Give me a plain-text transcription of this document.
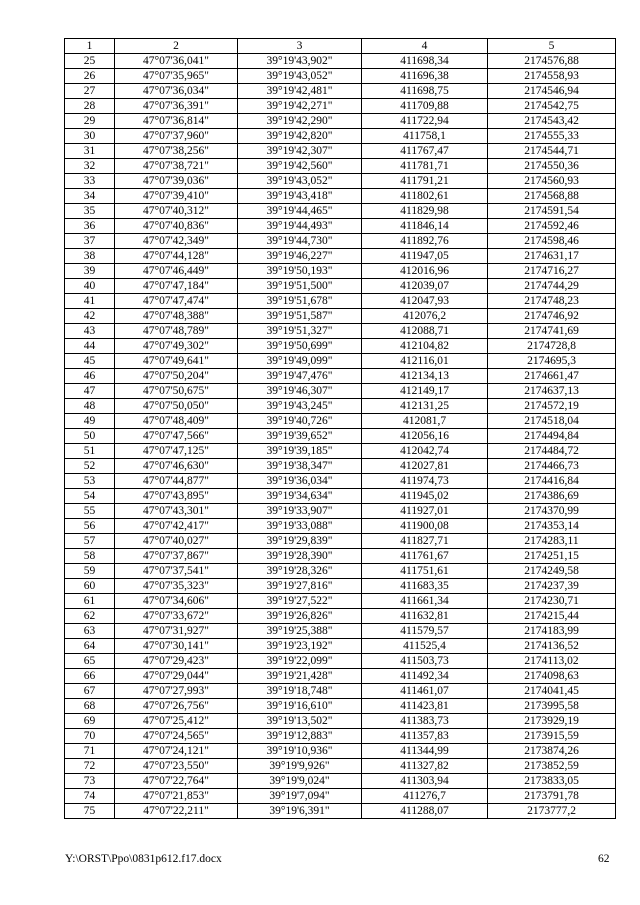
1	2	3	4	5
25	47°07'36,041"	39°19'43,902"	411698,34	2174576,88
26	47°07'35,965"	39°19'43,052"	411696,38	2174558,93
27	47°07'36,034"	39°19'42,481"	411698,75	2174546,94
28	47°07'36,391"	39°19'42,271"	411709,88	2174542,75
29	47°07'36,814"	39°19'42,290"	411722,94	2174543,42
30	47°07'37,960"	39°19'42,820"	411758,1	2174555,33
31	47°07'38,256"	39°19'42,307"	411767,47	2174544,71
32	47°07'38,721"	39°19'42,560"	411781,71	2174550,36
33	47°07'39,036"	39°19'43,052"	411791,21	2174560,93
34	47°07'39,410"	39°19'43,418"	411802,61	2174568,88
35	47°07'40,312"	39°19'44,465"	411829,98	2174591,54
36	47°07'40,836"	39°19'44,493"	411846,14	2174592,46
37	47°07'42,349"	39°19'44,730"	411892,76	2174598,46
38	47°07'44,128"	39°19'46,227"	411947,05	2174631,17
39	47°07'46,449"	39°19'50,193"	412016,96	2174716,27
40	47°07'47,184"	39°19'51,500"	412039,07	2174744,29
41	47°07'47,474"	39°19'51,678"	412047,93	2174748,23
42	47°07'48,388"	39°19'51,587"	412076,2	2174746,92
43	47°07'48,789"	39°19'51,327"	412088,71	2174741,69
44	47°07'49,302"	39°19'50,699"	412104,82	2174728,8
45	47°07'49,641"	39°19'49,099"	412116,01	2174695,3
46	47°07'50,204"	39°19'47,476"	412134,13	2174661,47
47	47°07'50,675"	39°19'46,307"	412149,17	2174637,13
48	47°07'50,050"	39°19'43,245"	412131,25	2174572,19
49	47°07'48,409"	39°19'40,726"	412081,7	2174518,04
50	47°07'47,566"	39°19'39,652"	412056,16	2174494,84
51	47°07'47,125"	39°19'39,185"	412042,74	2174484,72
52	47°07'46,630"	39°19'38,347"	412027,81	2174466,73
53	47°07'44,877"	39°19'36,034"	411974,73	2174416,84
54	47°07'43,895"	39°19'34,634"	411945,02	2174386,69
55	47°07'43,301"	39°19'33,907"	411927,01	2174370,99
56	47°07'42,417"	39°19'33,088"	411900,08	2174353,14
57	47°07'40,027"	39°19'29,839"	411827,71	2174283,11
58	47°07'37,867"	39°19'28,390"	411761,67	2174251,15
59	47°07'37,541"	39°19'28,326"	411751,61	2174249,58
60	47°07'35,323"	39°19'27,816"	411683,35	2174237,39
61	47°07'34,606"	39°19'27,522"	411661,34	2174230,71
62	47°07'33,672"	39°19'26,826"	411632,81	2174215,44
63	47°07'31,927"	39°19'25,388"	411579,57	2174183,99
64	47°07'30,141"	39°19'23,192"	411525,4	2174136,52
65	47°07'29,423"	39°19'22,099"	411503,73	2174113,02
66	47°07'29,044"	39°19'21,428"	411492,34	2174098,63
67	47°07'27,993"	39°19'18,748"	411461,07	2174041,45
68	47°07'26,756"	39°19'16,610"	411423,81	2173995,58
69	47°07'25,412"	39°19'13,502"	411383,73	2173929,19
70	47°07'24,565"	39°19'12,883"	411357,83	2173915,59
71	47°07'24,121"	39°19'10,936"	411344,99	2173874,26
72	47°07'23,550"	39°19'9,926"	411327,82	2173852,59
73	47°07'22,764"	39°19'9,024"	411303,94	2173833,05
74	47°07'21,853"	39°19'7,094"	411276,7	2173791,78
75	47°07'22,211"	39°19'6,391"	411288,07	2173777,2
Y:\ORST\Ppo\0831p612.f17.docx	62
